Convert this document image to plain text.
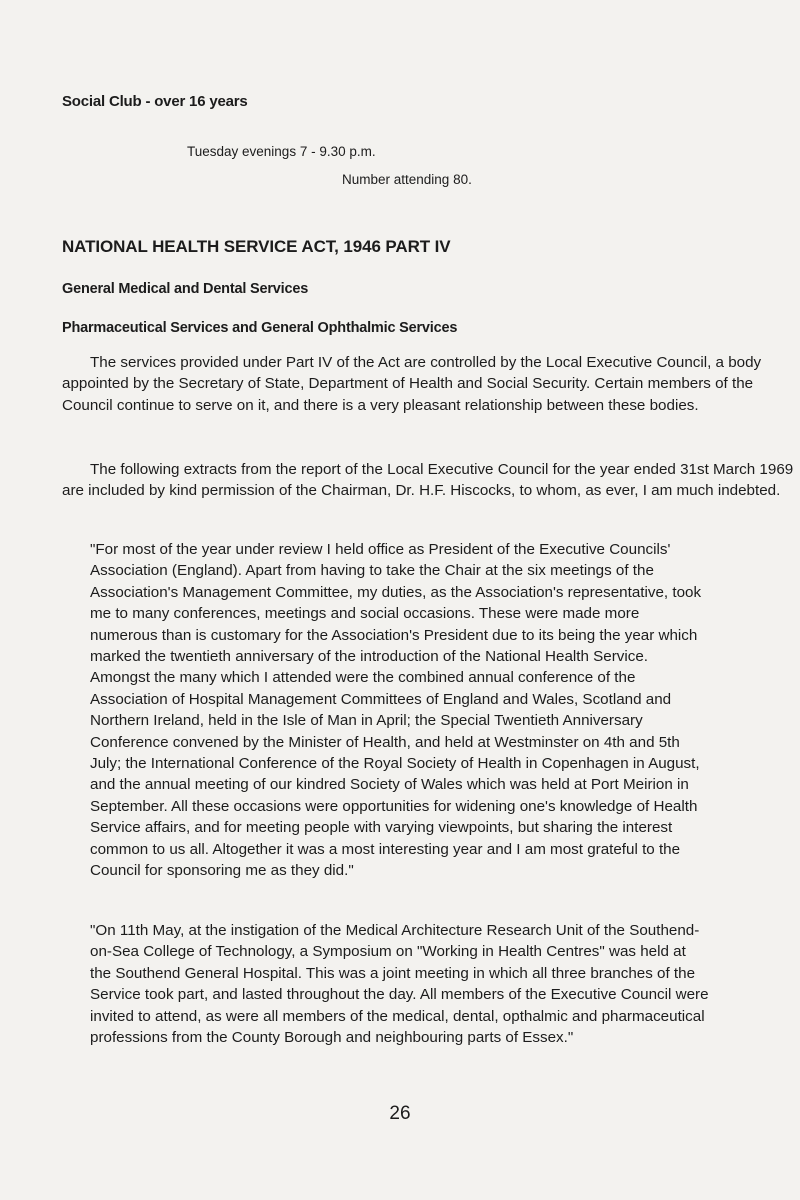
Social Club - over 16 years
Tuesday evenings 7 - 9.30 p.m.
Number attending 80.
NATIONAL HEALTH SERVICE ACT, 1946 PART IV
General Medical and Dental Services
Pharmaceutical Services and General Ophthalmic Services
The services provided under Part IV of the Act are controlled by the Local Executive Council, a body appointed by the Secretary of State, Department of Health and Social Security. Certain members of the Council continue to serve on it, and there is a very pleasant relationship between these bodies.
The following extracts from the report of the Local Executive Council for the year ended 31st March 1969 are included by kind permission of the Chairman, Dr. H.F. Hiscocks, to whom, as ever, I am much indebted.
"For most of the year under review I held office as President of the Executive Councils' Association (England). Apart from having to take the Chair at the six meetings of the Association's Management Committee, my duties, as the Association's representative, took me to many conferences, meetings and social occasions. These were made more numerous than is customary for the Association's President due to its being the year which marked the twentieth anniversary of the introduction of the National Health Service. Amongst the many which I attended were the combined annual conference of the Association of Hospital Management Committees of England and Wales, Scotland and Northern Ireland, held in the Isle of Man in April; the Special Twentieth Anniversary Conference convened by the Minister of Health, and held at Westminster on 4th and 5th July; the International Conference of the Royal Society of Health in Copenhagen in August, and the annual meeting of our kindred Society of Wales which was held at Port Meirion in September. All these occasions were opportunities for widening one's knowledge of Health Service affairs, and for meeting people with varying viewpoints, but sharing the interest common to us all. Altogether it was a most interesting year and I am most grateful to the Council for sponsoring me as they did."
"On 11th May, at the instigation of the Medical Architecture Research Unit of the Southend-on-Sea College of Technology, a Symposium on "Working in Health Centres" was held at the Southend General Hospital. This was a joint meeting in which all three branches of the Service took part, and lasted throughout the day. All members of the Executive Council were invited to attend, as were all members of the medical, dental, opthalmic and pharmaceutical professions from the County Borough and neighbouring parts of Essex."
26
